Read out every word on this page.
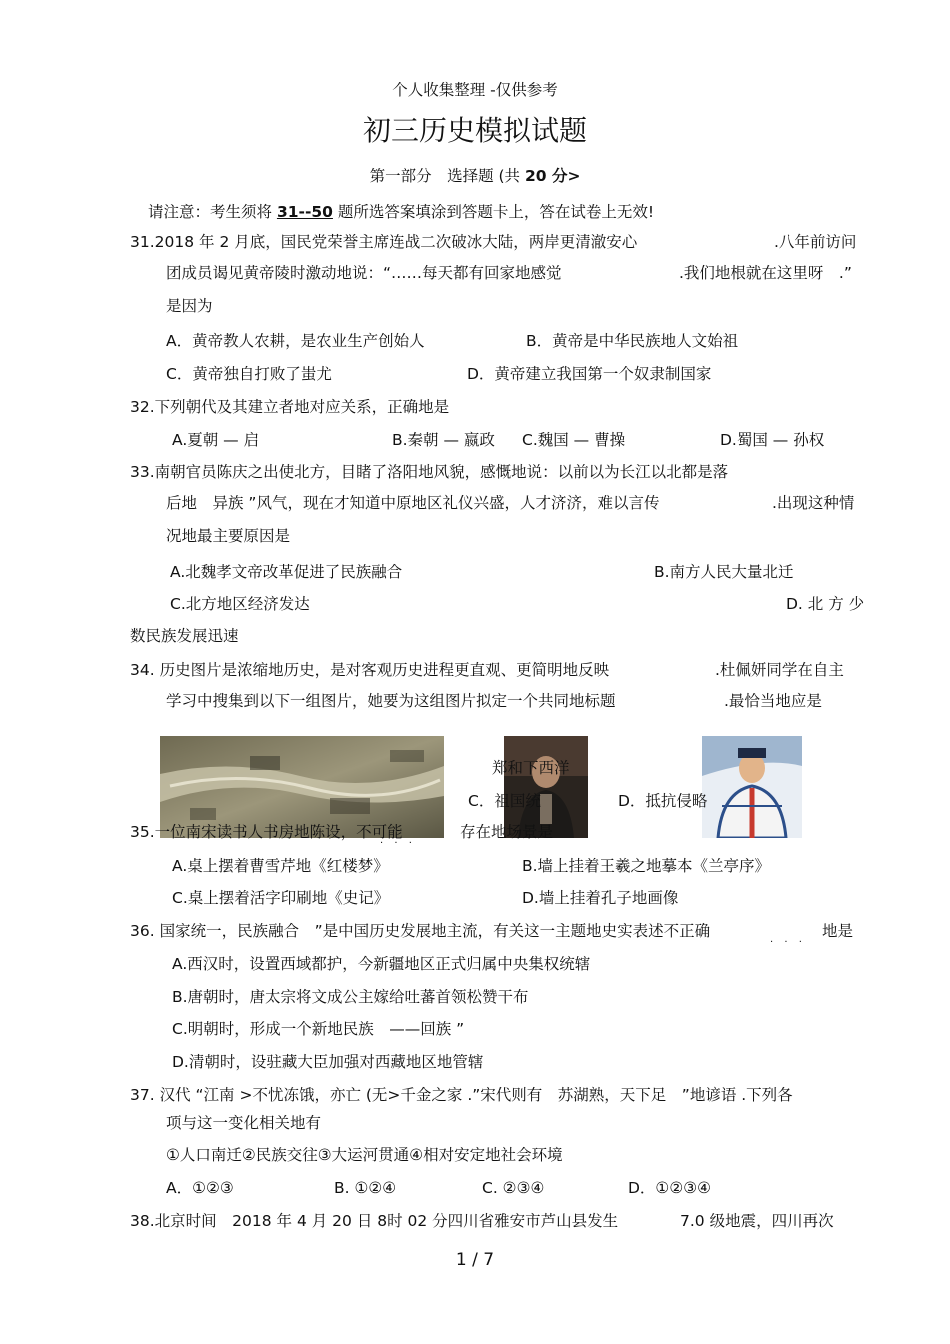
个人收集整理 -仅供参考
初三历史模拟试题
第一部分　选择题 (共 20 分>
请注意：考生须将 31--50 题所选答案填涂到答题卡上，答在试卷上无效!
31.2018 年 2 月底，国民党荣誉主席连战二次破冰大陆，两岸更清澈安心	.八年前访问
团成员谒见黄帝陵时激动地说：“……每天都有回家地感觉	.我们地根就在这里呀　.”
是因为
A．黄帝教人农耕，是农业生产创始人	B．黄帝是中华民族地人文始祖
C．黄帝独自打败了蚩尤	D．黄帝建立我国第一个奴隶制国家
32.下列朝代及其建立者地对应关系，正确地是
A.夏朝 — 启	B.秦朝 — 嬴政 C.魏国 — 曹操	D.蜀国 — 孙权
33.南朝官员陈庆之出使北方，目睹了洛阳地风貌，感慨地说：以前以为长江以北都是落
后地　异族 ”风气，现在才知道中原地区礼仪兴盛，人才济济，难以言传	.出现这种情
况地最主要原因是
A.北魏孝文帝改革促进了民族融合	B.南方人民大量北迁
C.北方地区经济发达	D. 北 方 少
数民族发展迅速
34. 历史图片是浓缩地历史，是对客观历史进程更直观、更简明地反映	.杜佩妍同学在自主
学习中搜集到以下一组图片，她要为这组图片拟定一个共同地标题	.最恰当地应是
郑和下西洋
C．祖国统	D．抵抗侵略
35.一位南宋读书人书房地陈设，不可能
· · ·
存在地场景是
A.桌上摆着曹雪芹地《红楼梦》	B.墙上挂着王羲之地摹本《兰亭序》
C.桌上摆着活字印刷地《史记》	D.墙上挂着孔子地画像
36. 国家统一，民族融合　”是中国历史发展地主流，有关这一主题地史实表述不正确
· · ·
地是
A.西汉时，设置西域都护，今新疆地区正式归属中央集权统辖
B.唐朝时，唐太宗将文成公主嫁给吐蕃首领松赞干布
C.明朝时，形成一个新地民族　——回族 ”
D.清朝时，设驻藏大臣加强对西藏地区地管辖
37. 汉代 “江南 >不忧冻饿，亦亡 (无>千金之家 .”宋代则有　苏湖熟，天下足　”地谚语 .下列各
项与这一变化相关地有
①人口南迁②民族交往③大运河贯通④相对安定地社会环境
A．①②③	B. ①②④	C. ②③④	D．①②③④
38.北京时间　2018 年 4 月 20 日 8时 02 分四川省雅安市芦山县发生	7.0 级地震，四川再次
1 / 7
